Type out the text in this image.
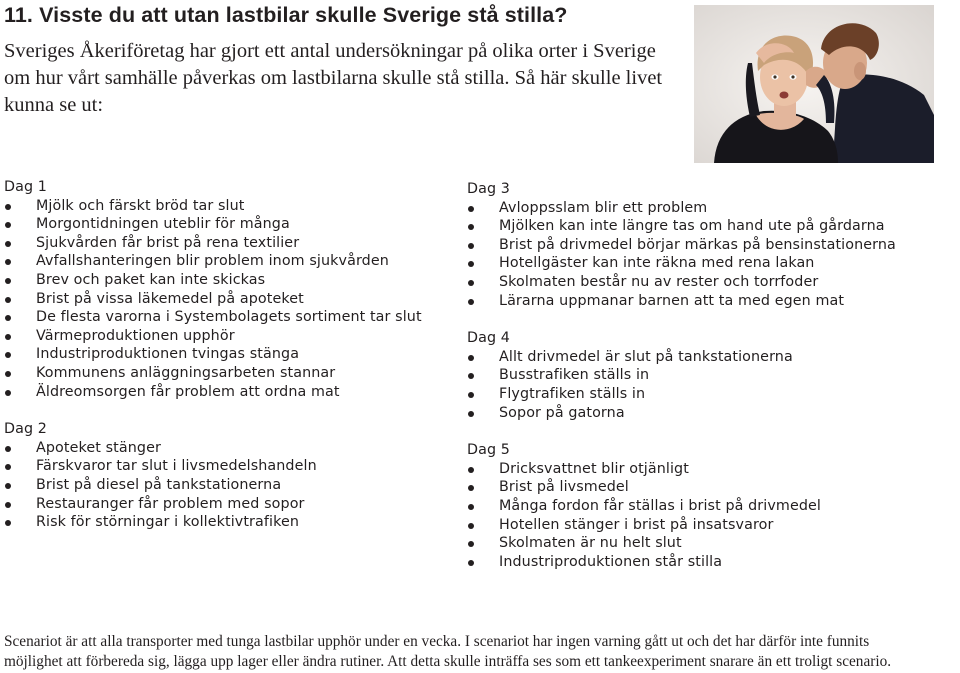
11. Visste du att utan lastbilar skulle Sverige stå stilla?

Sveriges Åkeriföretag har gjort ett antal undersökningar på olika orter i Sverige om hur vårt samhälle påverkas om lastbilarna skulle stå stilla. Så här skulle livet kunna se ut:

Dag 1
Mjölk och färskt bröd tar slut
Morgontidningen uteblir för många
Sjukvården får brist på rena textilier
Avfallshanteringen blir problem inom sjukvården
Brev och paket kan inte skickas
Brist på vissa läkemedel på apoteket
De flesta varorna i Systembolagets sortiment tar slut
Värmeproduktionen upphör
Industriproduktionen tvingas stänga
Kommunens anläggningsarbeten stannar
Äldreomsorgen får problem att ordna mat
Dag 2
Apoteket stänger
Färskvaror tar slut i livsmedelshandeln
Brist på diesel på tankstationerna
Restauranger får problem med sopor
Risk för störningar i kollektivtrafiken
Dag 3
Avloppsslam blir ett problem
Mjölken kan inte längre tas om hand ute på gårdarna
Brist på drivmedel börjar märkas på bensinstationerna
Hotellgäster kan inte räkna med rena lakan
Skolmaten består nu av rester och torrfoder
Lärarna uppmanar barnen att ta med egen mat
Dag 4
Allt drivmedel är slut på tankstationerna
Busstrafiken ställs in
Flygtrafiken ställs in
Sopor på gatorna
Dag 5
Dricksvattnet blir otjänligt
Brist på livsmedel
Många fordon får ställas i brist på drivmedel
Hotellen stänger i brist på insatsvaror
Skolmaten är nu helt slut
Industriproduktionen står stilla
Scenariot är att alla transporter med tunga lastbilar upphör under en vecka. I scenariot har ingen varning gått ut och det har därför inte funnits
möjlighet att förbereda sig, lägga upp lager eller ändra rutiner. Att detta skulle inträffa ses som ett tankeexperiment snarare än ett troligt scenario.
